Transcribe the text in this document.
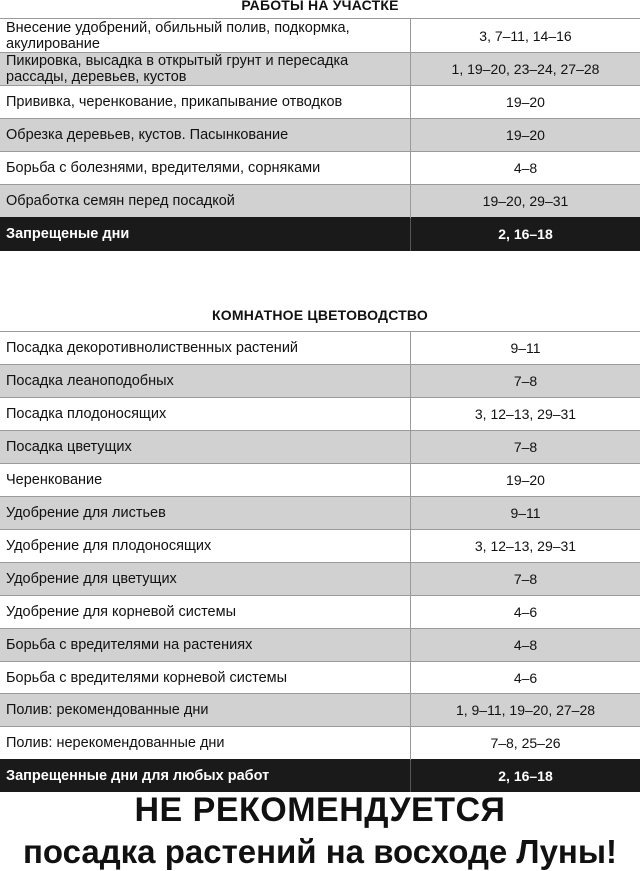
РАБОТЫ НА УЧАСТКЕ
Внесение удобрений, обильный полив, подкормка, акулирование	3, 7–11, 14–16
Пикировка, высадка в открытый грунт и пересадка рассады, деревьев, кустов	1, 19–20, 23–24, 27–28
Прививка, черенкование, прикапывание отводков	19–20
Обрезка деревьев, кустов. Пасынкование	19–20
Борьба с болезнями, вредителями, сорняками	4–8
Обработка семян перед посадкой	19–20, 29–31
Запрещеные дни	2, 16–18
КОМНАТНОЕ ЦВЕТОВОДСТВО
Посадка декоротивнолиственных растений	9–11
Посадка леаноподобных	7–8
Посадка плодоносящих	3, 12–13, 29–31
Посадка цветущих	7–8
Черенкование	19–20
Удобрение для листьев	9–11
Удобрение для плодоносящих	3, 12–13, 29–31
Удобрение для цветущих	7–8
Удобрение для корневой системы	4–6
Борьба с вредителями на растениях	4–8
Борьба с вредителями корневой системы	4–6
Полив: рекомендованные дни	1, 9–11, 19–20, 27–28
Полив: нерекомендованные дни	7–8, 25–26
Запрещенные дни для любых работ	2, 16–18
НЕ РЕКОМЕНДУЕТСЯ
посадка растений на восходе Луны!
